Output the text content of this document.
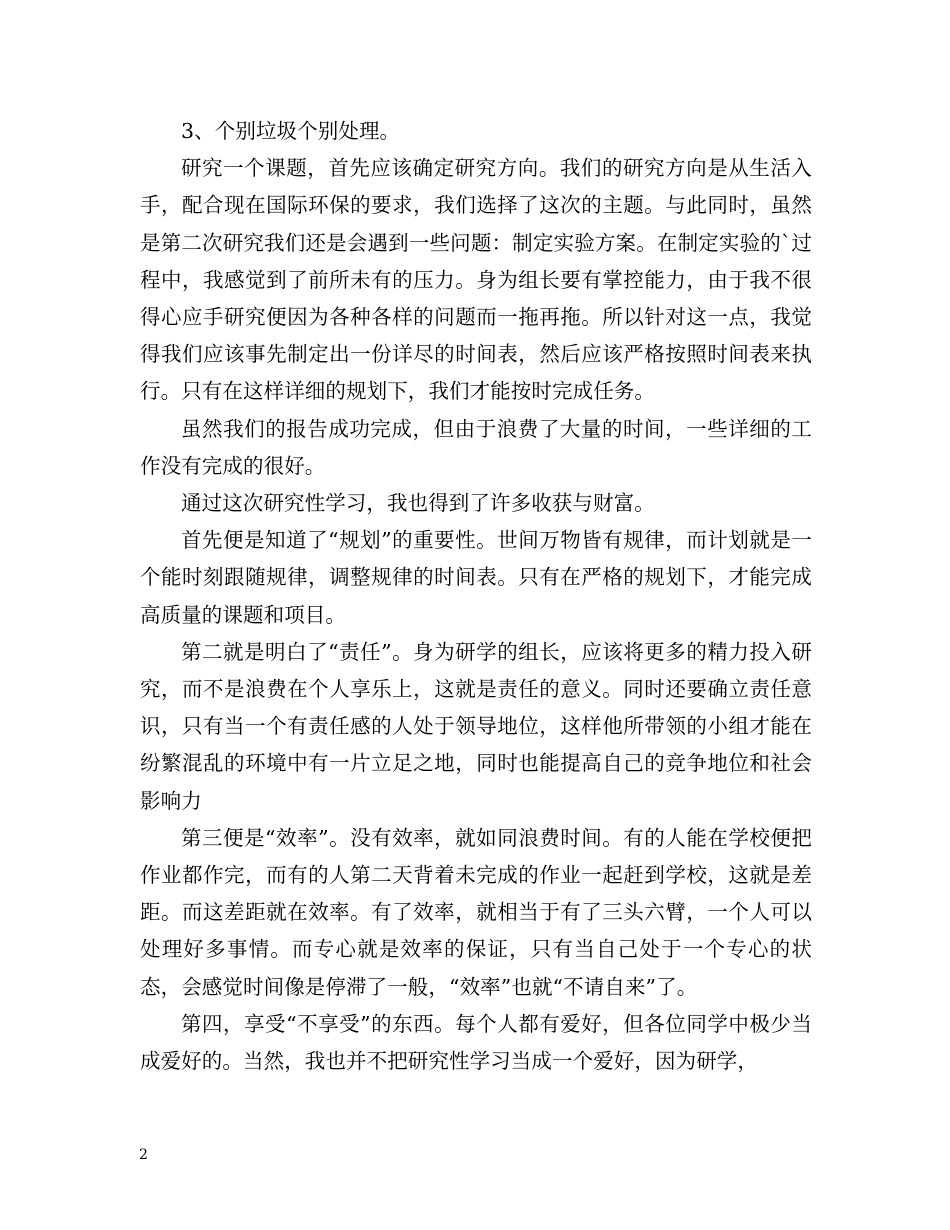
3、个别垃圾个别处理。

研究一个课题，首先应该确定研究方向。我们的研究方向是从生活入手，配合现在国际环保的要求，我们选择了这次的主题。与此同时，虽然是第二次研究我们还是会遇到一些问题：制定实验方案。在制定实验的`过程中，我感觉到了前所未有的压力。身为组长要有掌控能力，由于我不很得心应手研究便因为各种各样的问题而一拖再拖。所以针对这一点，我觉得我们应该事先制定出一份详尽的时间表，然后应该严格按照时间表来执行。只有在这样详细的规划下，我们才能按时完成任务。

虽然我们的报告成功完成，但由于浪费了大量的时间，一些详细的工作没有完成的很好。

通过这次研究性学习，我也得到了许多收获与财富。

首先便是知道了“规划”的重要性。世间万物皆有规律，而计划就是一个能时刻跟随规律，调整规律的时间表。只有在严格的规划下，才能完成高质量的课题和项目。

第二就是明白了“责任”。身为研学的组长，应该将更多的精力投入研究，而不是浪费在个人享乐上，这就是责任的意义。同时还要确立责任意识，只有当一个有责任感的人处于领导地位，这样他所带领的小组才能在纷繁混乱的环境中有一片立足之地，同时也能提高自己的竞争地位和社会影响力

第三便是“效率”。没有效率，就如同浪费时间。有的人能在学校便把作业都作完，而有的人第二天背着未完成的作业一起赶到学校，这就是差距。而这差距就在效率。有了效率，就相当于有了三头六臂，一个人可以处理好多事情。而专心就是效率的保证，只有当自己处于一个专心的状态，会感觉时间像是停滞了一般，“效率”也就“不请自来”了。

第四，享受“不享受”的东西。每个人都有爱好，但各位同学中极少当成爱好的。当然，我也并不把研究性学习当成一个爱好，因为研学，

2
